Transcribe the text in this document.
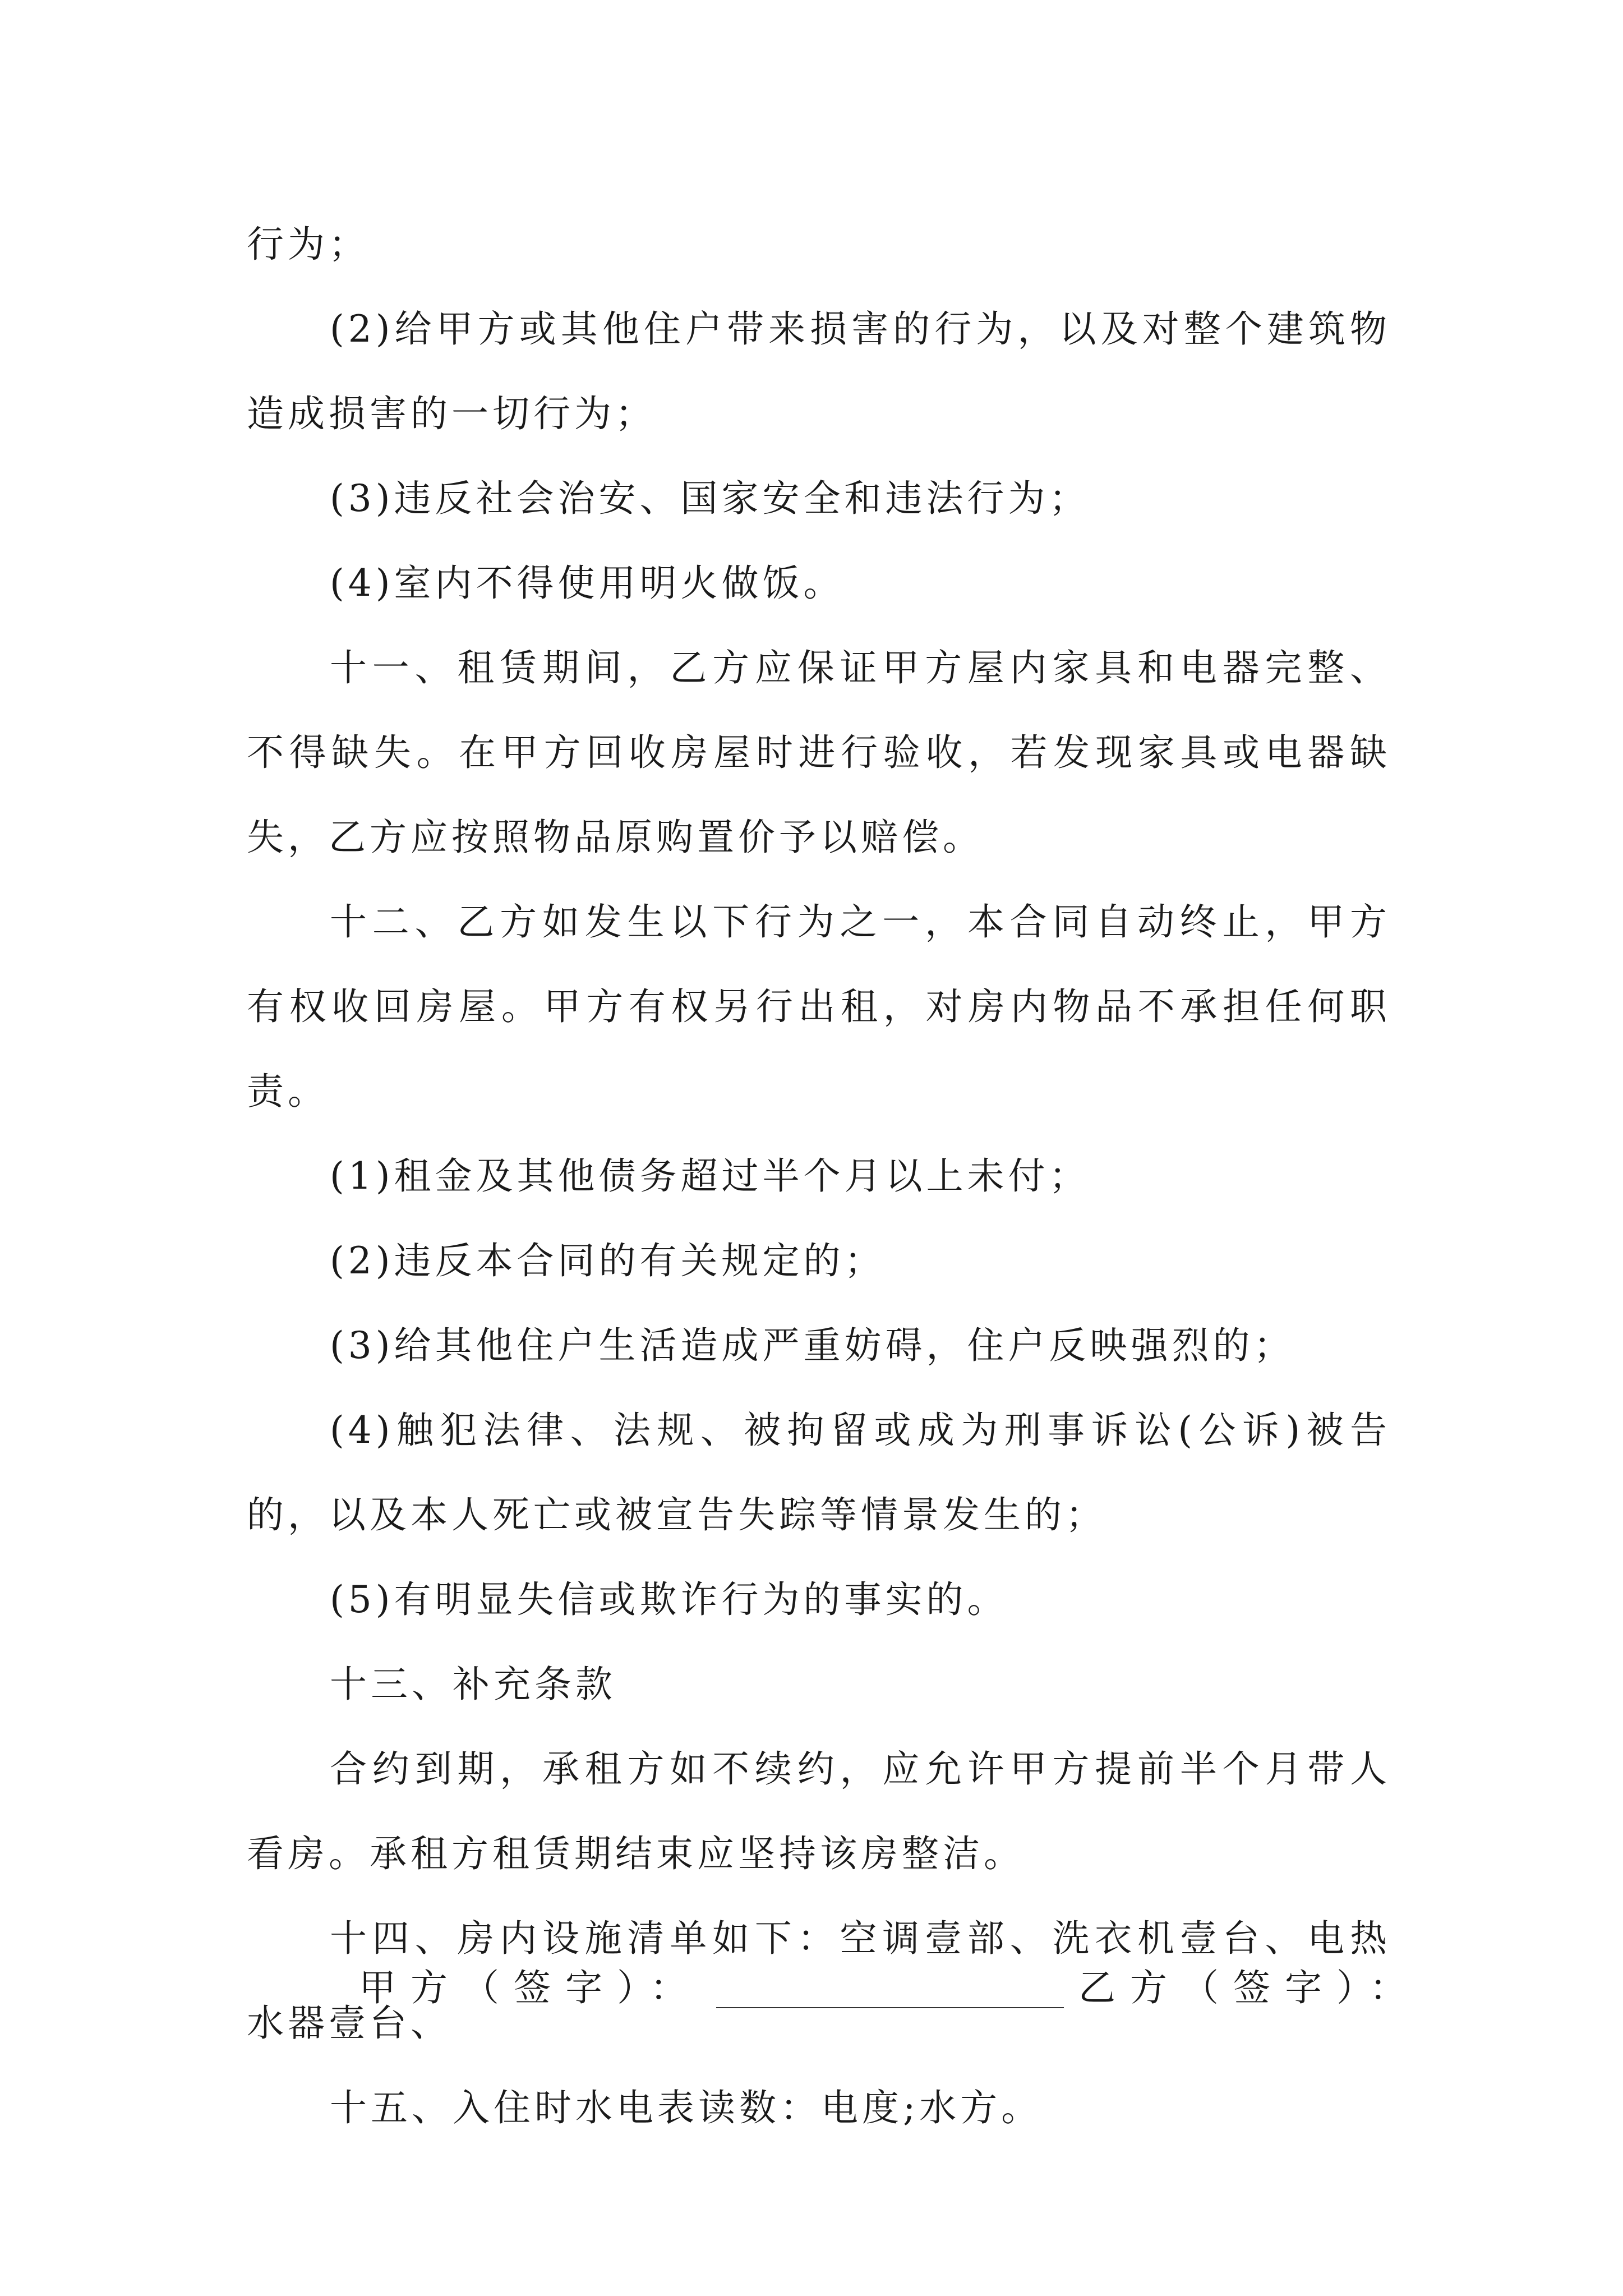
行为；

(2)给甲方或其他住户带来损害的行为，以及对整个建筑物造成损害的一切行为；

(3)违反社会治安、国家安全和违法行为；

(4)室内不得使用明火做饭。

十一、租赁期间，乙方应保证甲方屋内家具和电器完整、不得缺失。在甲方回收房屋时进行验收，若发现家具或电器缺失，乙方应按照物品原购置价予以赔偿。

十二、乙方如发生以下行为之一，本合同自动终止，甲方有权收回房屋。甲方有权另行出租，对房内物品不承担任何职责。

(1)租金及其他债务超过半个月以上未付；

(2)违反本合同的有关规定的；

(3)给其他住户生活造成严重妨碍，住户反映强烈的；

(4)触犯法律、法规、被拘留或成为刑事诉讼(公诉)被告的，以及本人死亡或被宣告失踪等情景发生的；

(5)有明显失信或欺诈行为的事实的。

十三、补充条款

合约到期，承租方如不续约，应允许甲方提前半个月带人看房。承租方租赁期结束应坚持该房整洁。

十四、房内设施清单如下：空调壹部、洗衣机壹台、电热水器壹台、

十五、入住时水电表读数：电度;水方。

甲方（签字）：	乙方（签字）：
